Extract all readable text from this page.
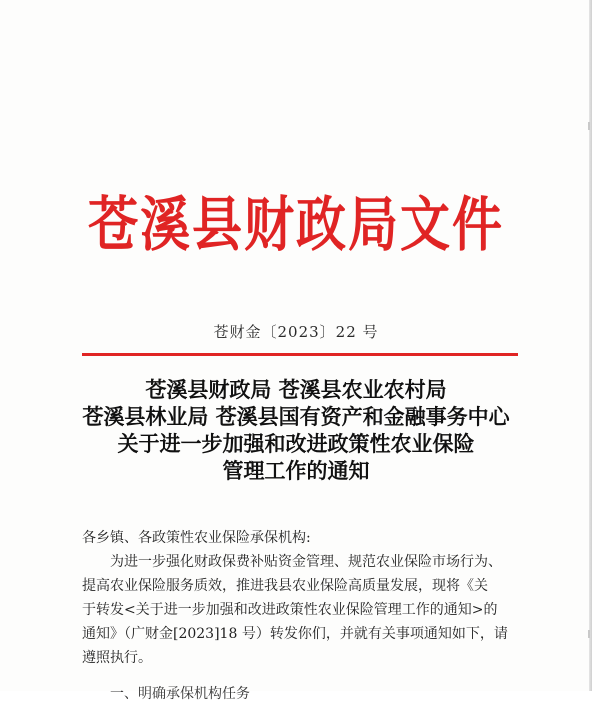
苍溪县财政局文件
苍财金〔2023〕22 号
苍溪县财政局 苍溪县农业农村局
苍溪县林业局 苍溪县国有资产和金融事务中心
关于进一步加强和改进政策性农业保险
管理工作的通知
各乡镇、各政策性农业保险承保机构:
为进一步强化财政保费补贴资金管理、规范农业保险市场行为、
提高农业保险服务质效，推进我县农业保险高质量发展，现将《关
于转发<关于进一步加强和改进政策性农业保险管理工作的通知>的
通知》（广财金[2023]18 号）转发你们，并就有关事项通知如下，请
遵照执行。
一、明确承保机构任务
